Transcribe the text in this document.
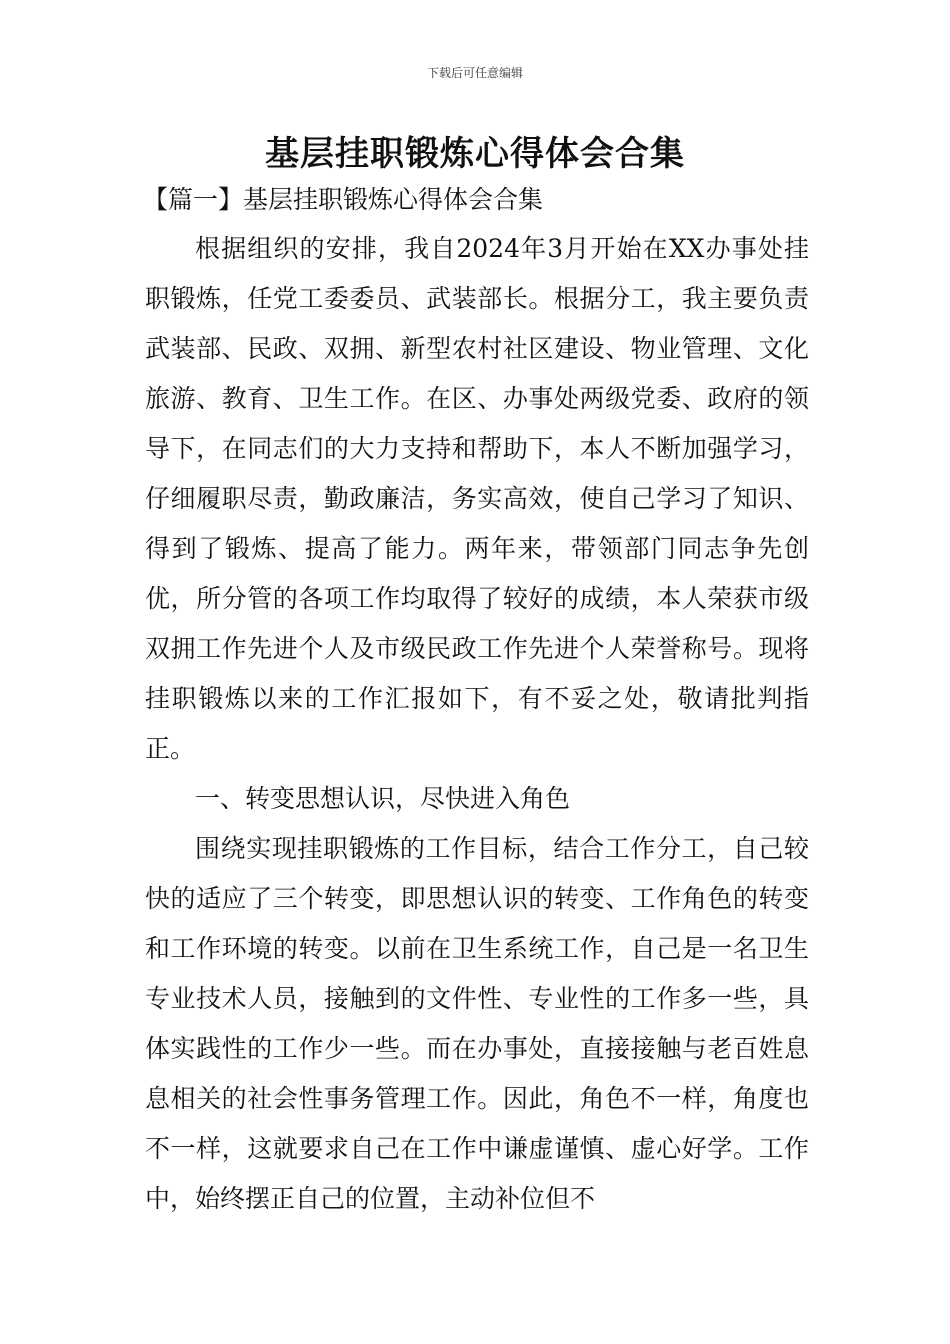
下载后可任意编辑
基层挂职锻炼心得体会合集
【篇一】基层挂职锻炼心得体会合集

根据组织的安排，我自2024年3月开始在XX办事处挂职锻炼，任党工委委员、武装部长。根据分工，我主要负责武装部、民政、双拥、新型农村社区建设、物业管理、文化旅游、教育、卫生工作。在区、办事处两级党委、政府的领导下，在同志们的大力支持和帮助下，本人不断加强学习，仔细履职尽责，勤政廉洁，务实高效，使自己学习了知识、得到了锻炼、提高了能力。两年来，带领部门同志争先创优，所分管的各项工作均取得了较好的成绩，本人荣获市级双拥工作先进个人及市级民政工作先进个人荣誉称号。现将挂职锻炼以来的工作汇报如下，有不妥之处，敬请批判指正。

一、转变思想认识，尽快进入角色

围绕实现挂职锻炼的工作目标，结合工作分工，自己较快的适应了三个转变，即思想认识的转变、工作角色的转变和工作环境的转变。以前在卫生系统工作，自己是一名卫生专业技术人员，接触到的文件性、专业性的工作多一些，具体实践性的工作少一些。而在办事处，直接接触与老百姓息息相关的社会性事务管理工作。因此，角色不一样，角度也不一样，这就要求自己在工作中谦虚谨慎、虚心好学。工作中，始终摆正自己的位置，主动补位但不
